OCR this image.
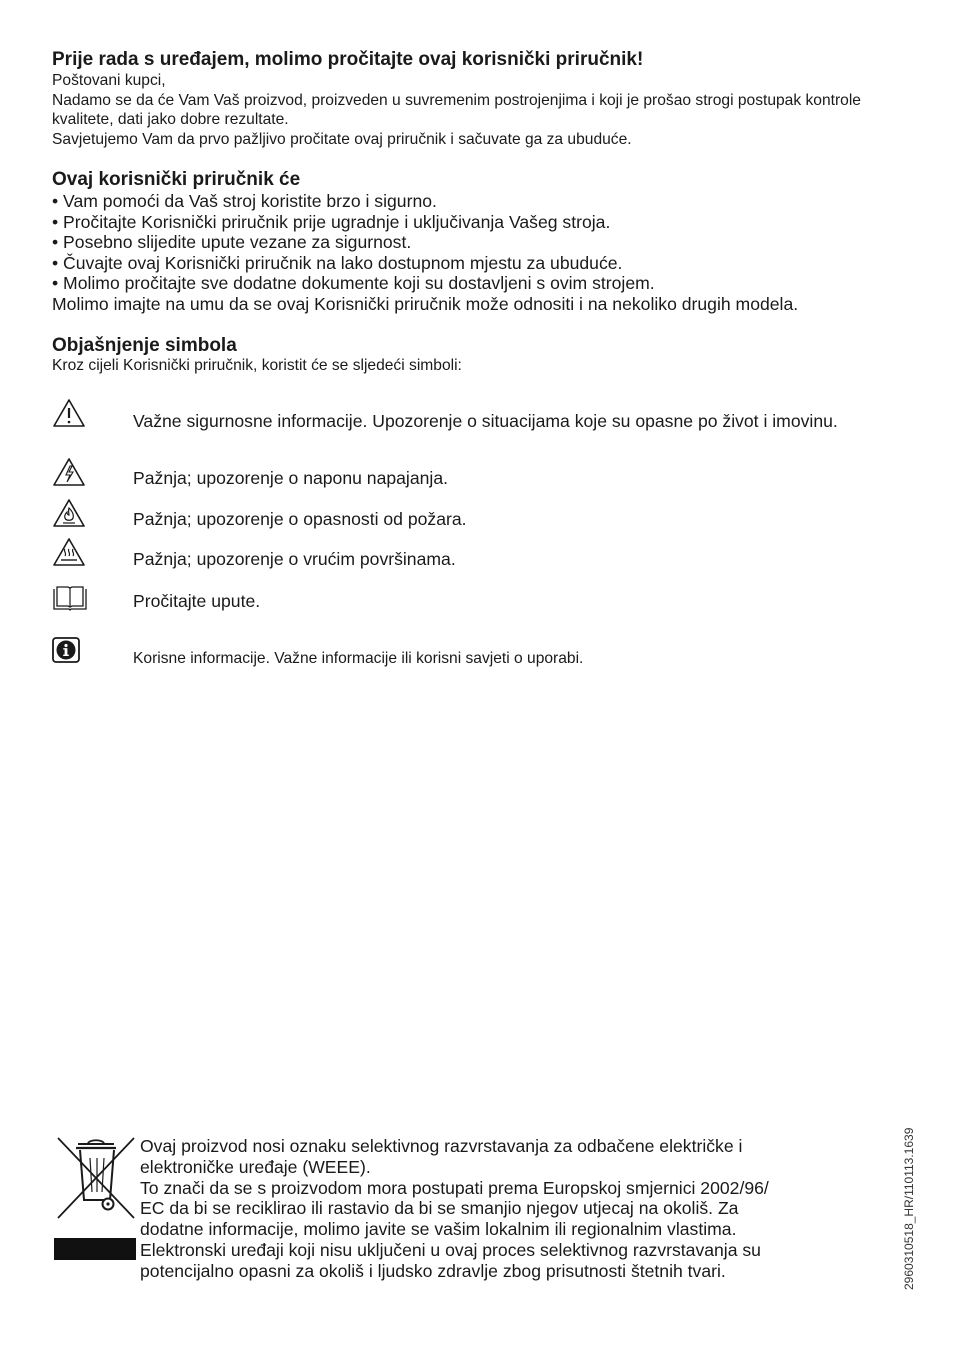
Prije rada s uređajem, molimo pročitajte ovaj korisnički priručnik!
Poštovani kupci,
Nadamo se da će Vam Vaš proizvod, proizveden u suvremenim postrojenjima i koji je prošao strogi postupak kontrole kvalitete, dati jako dobre rezultate.
Savjetujemo Vam da prvo pažljivo pročitate ovaj priručnik i sačuvate ga za ubuduće.
Ovaj korisnički priručnik će
• Vam pomoći da Vaš stroj koristite brzo i sigurno.
• Pročitajte Korisnički priručnik prije ugradnje i uključivanja Vašeg stroja.
• Posebno slijedite upute vezane za sigurnost.
• Čuvajte ovaj Korisnički priručnik na lako dostupnom mjestu za ubuduće.
• Molimo pročitajte sve dodatne dokumente koji su dostavljeni s ovim strojem.
Molimo imajte na umu da se ovaj Korisnički priručnik može odnositi i na nekoliko drugih modela.
Objašnjenje simbola
Kroz cijeli Korisnički priručnik, koristit će se sljedeći simboli:
Važne sigurnosne informacije. Upozorenje o situacijama koje su opasne po život i imovinu.
Pažnja; upozorenje o naponu napajanja.
Pažnja; upozorenje o opasnosti od požara.
Pažnja; upozorenje o vrućim površinama.
Pročitajte upute.
Korisne informacije. Važne informacije ili korisni savjeti o uporabi.
Ovaj proizvod nosi oznaku selektivnog razvrstavanja za odbačene električke i
elektroničke uređaje (WEEE).
To znači da se s proizvodom mora postupati prema Europskoj smjernici 2002/96/
EC da bi se reciklirao ili rastavio da bi se smanjio njegov utjecaj na okoliš. Za
dodatne informacije, molimo javite se vašim lokalnim ili regionalnim vlastima.
Elektronski uređaji koji nisu uključeni u ovaj proces selektivnog razvrstavanja su
potencijalno opasni za okoliš i ljudsko zdravlje zbog prisutnosti štetnih tvari.	2960310518_HR/110113.1639
